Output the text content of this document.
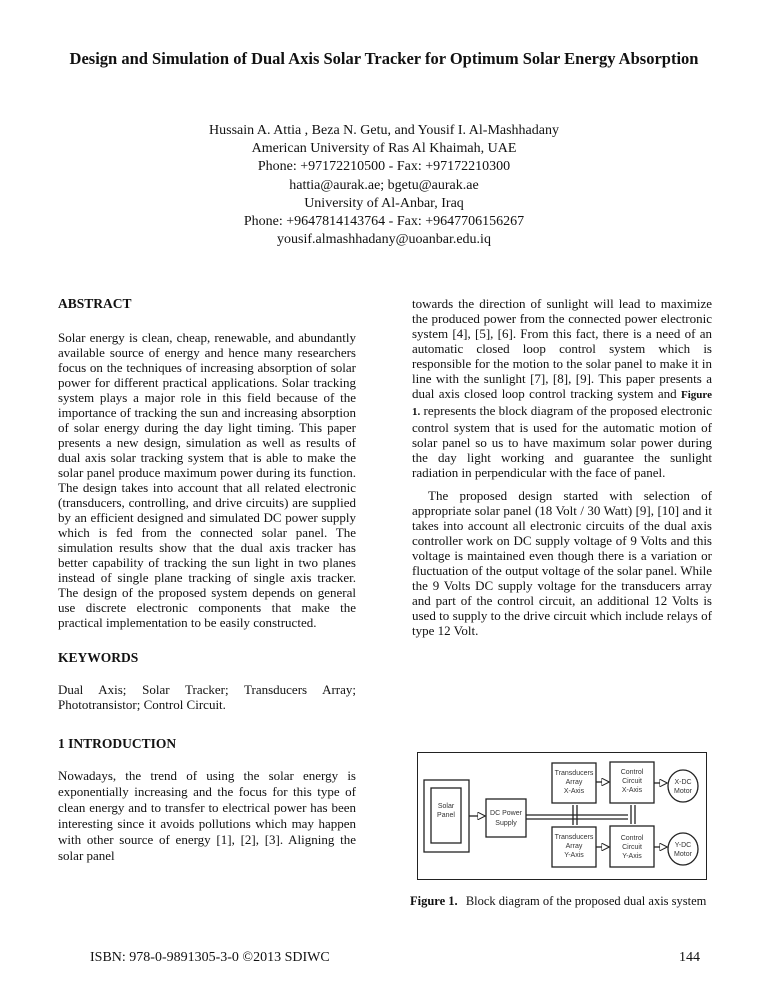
Design and Simulation of Dual Axis Solar Tracker for Optimum Solar Energy Absorption
Hussain A. Attia , Beza N. Getu, and Yousif I. Al-Mashhadany
American University of Ras Al Khaimah, UAE
Phone: +97172210500 - Fax: +97172210300
hattia@aurak.ae; bgetu@aurak.ae
University of Al-Anbar, Iraq
Phone: +9647814143764 - Fax: +9647706156267
yousif.almashhadany@uoanbar.edu.iq
ABSTRACT

Solar energy is clean, cheap, renewable, and abundantly available source of energy and hence many researchers focus on the techniques of increasing absorption of solar power for different practical applications. Solar tracking system plays a major role in this field because of the importance of tracking the sun and increasing absorption of solar energy during the day light timing. This paper presents a new design, simulation as well as results of dual axis solar tracking system that is able to make the solar panel produce maximum power during its function. The design takes into account that all related electronic (transducers, controlling, and drive circuits) are supplied by an efficient designed and simulated DC power supply which is fed from the connected solar panel. The simulation results show that the dual axis tracker has better capability of tracking the sun light in two planes instead of single plane tracking of single axis tracker. The design of the proposed system depends on general use discrete electronic components that make the practical implementation to be easily constructed.

KEYWORDS

Dual Axis; Solar Tracker; Transducers Array; Phototransistor; Control Circuit.

1 INTRODUCTION

Nowadays, the trend of using the solar energy is exponentially increasing and the focus for this type of clean energy and to transfer to electrical power has been interesting since it avoids pollutions which may happen with other source of energy [1], [2], [3]. Aligning the solar panel

towards the direction of sunlight will lead to maximize the produced power from the connected power electronic system [4], [5], [6]. From this fact, there is a need of an automatic closed loop control system which is responsible for the motion to the solar panel to make it in line with the sunlight [7], [8], [9]. This paper presents a dual axis closed loop control tracking system and Figure 1. represents the block diagram of the proposed electronic control system that is used for the automatic motion of solar panel so us to have maximum solar power during the day light working and guarantee the sunlight radiation in perpendicular with the face of panel.

The proposed design started with selection of appropriate solar panel (18 Volt / 30 Watt) [9], [10] and it takes into account all electronic circuits of the dual axis controller work on DC supply voltage of 9 Volts and this voltage is maintained even though there is a variation or fluctuation of the output voltage of the solar panel. While the 9 Volts DC supply voltage for the transducers array and part of the control circuit, an additional 12 Volts is used to supply to the drive circuit which include relays of type 12 Volt.

Solar
Panel	DC Power
Supply
Transducers
Array
X-Axis
Transducers
Array
Y-Axis
Control
Circuit
X-Axis
Control
Circuit
Y-Axis
X-DC
Motor
Y-DC
Motor
Figure 1. Block diagram of the proposed dual axis system
ISBN: 978-0-9891305-3-0 ©2013 SDIWC	144
